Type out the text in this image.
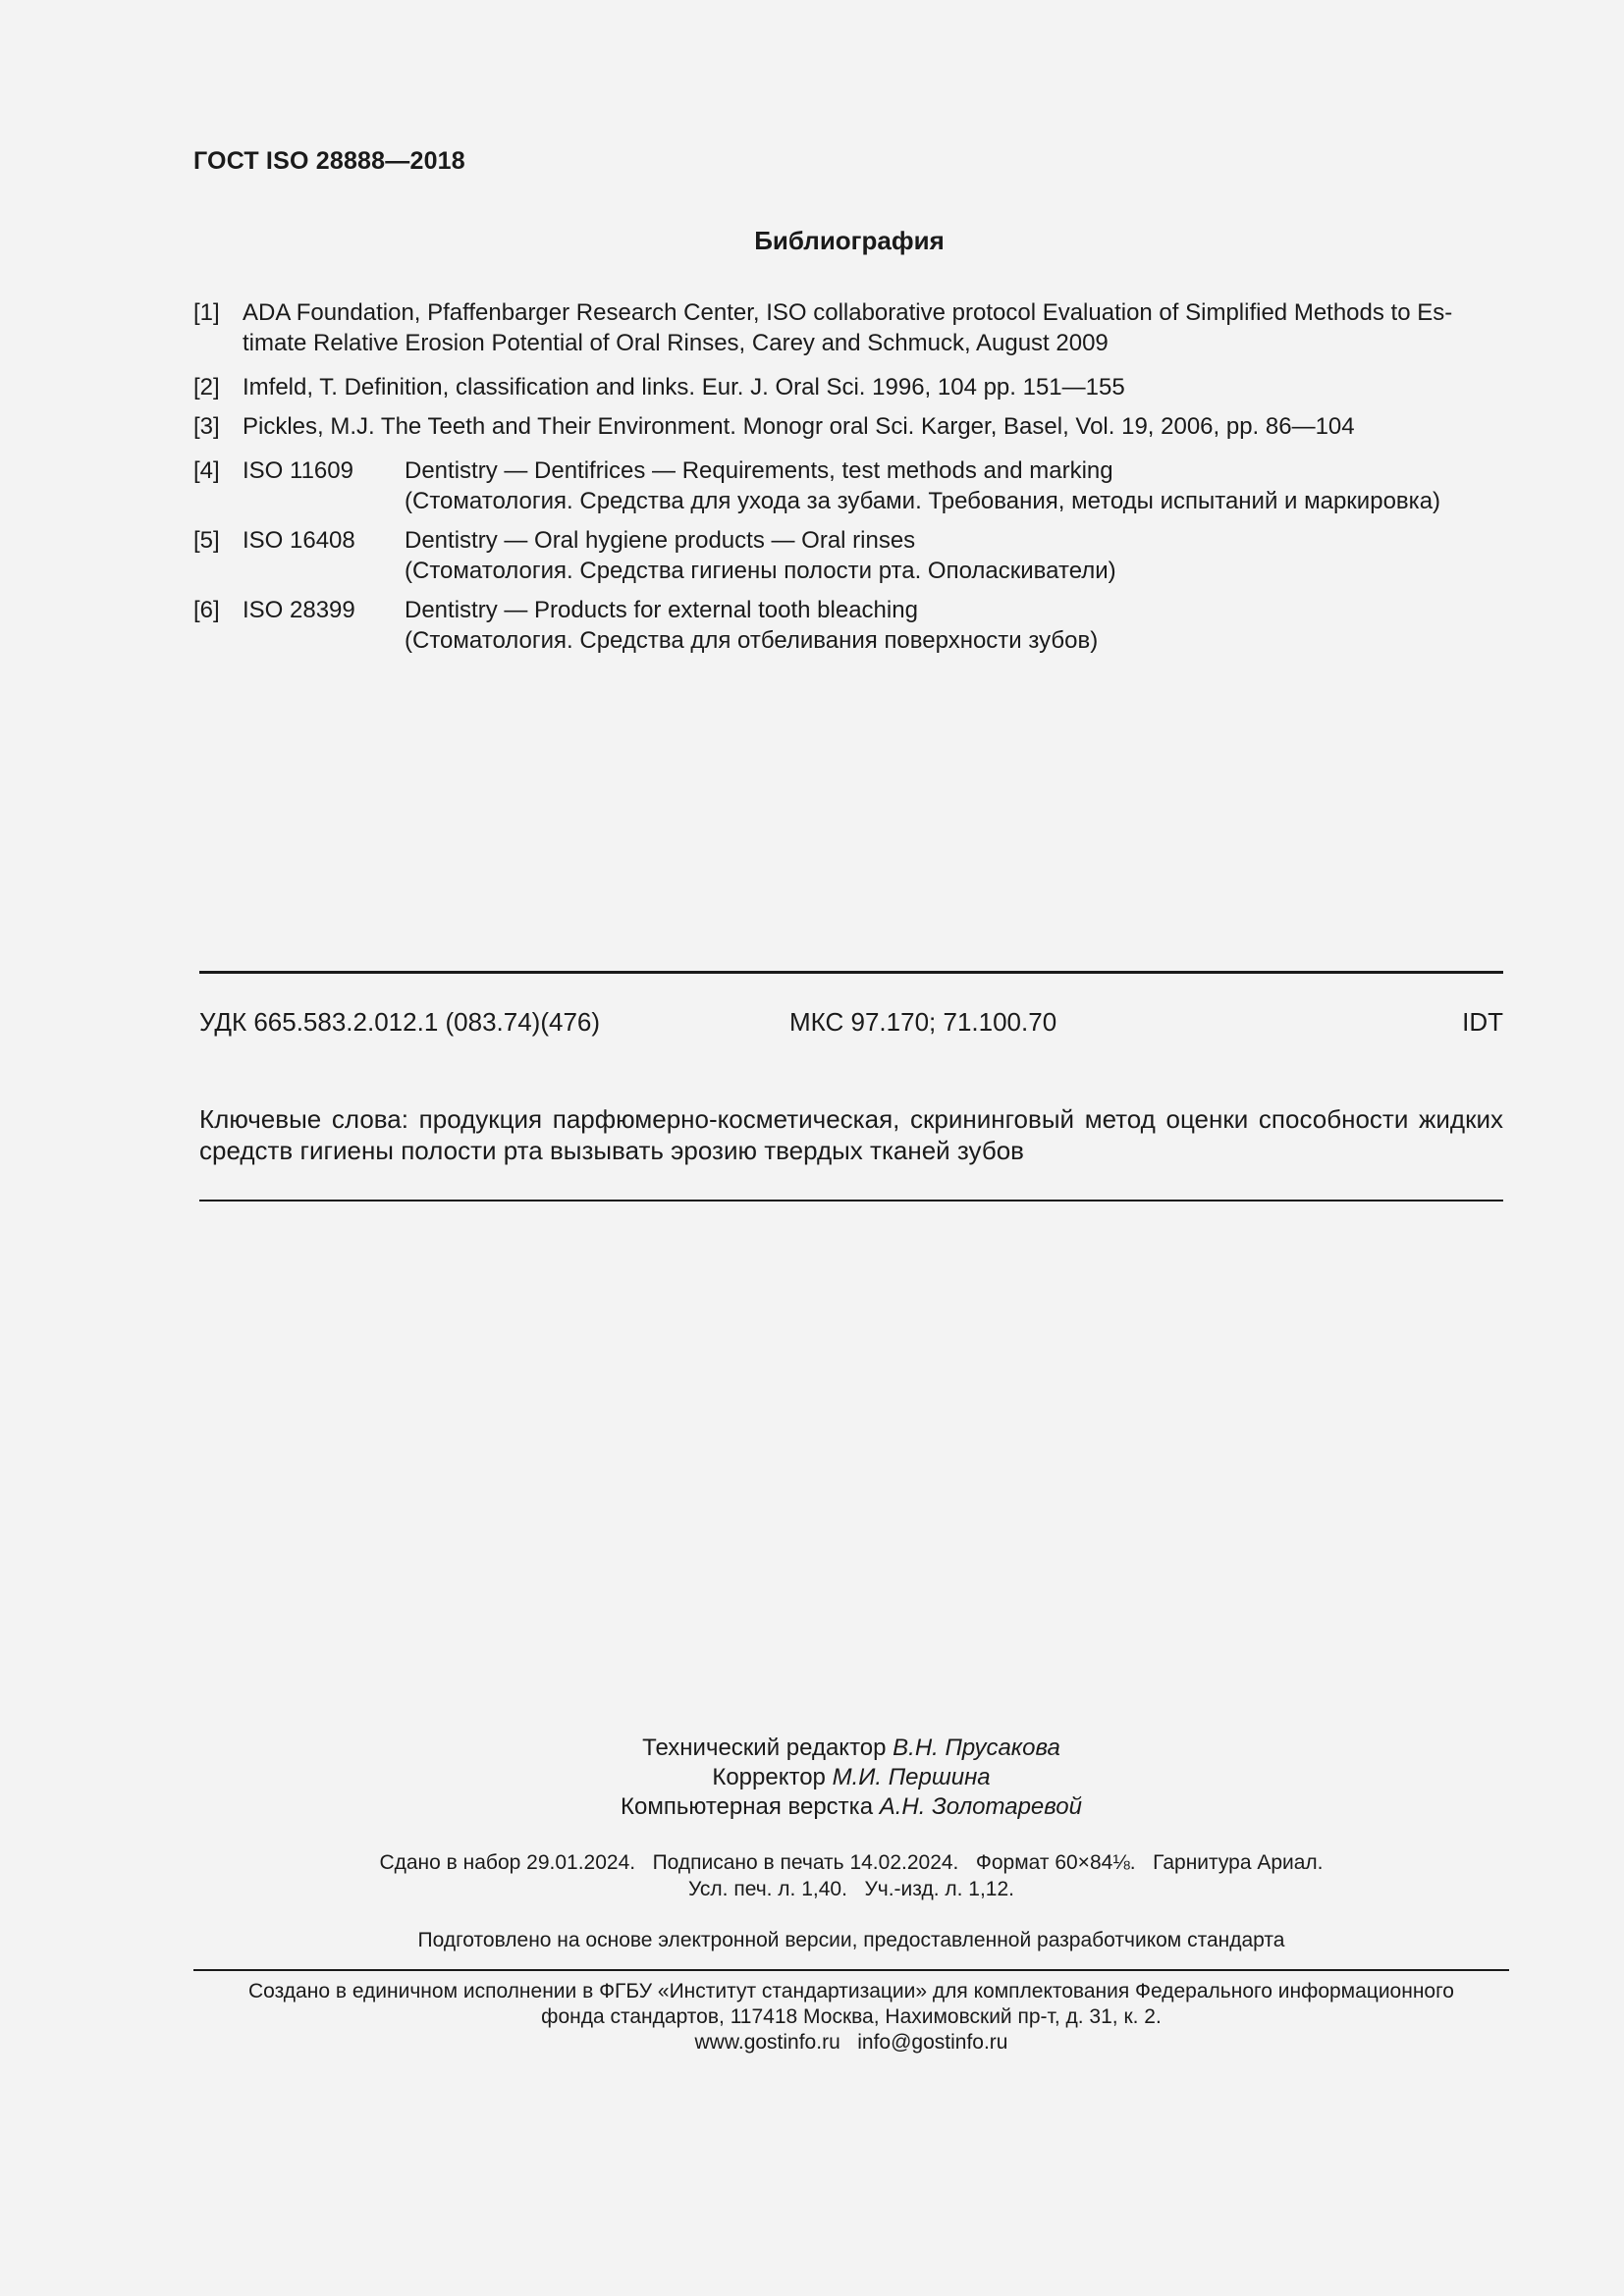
ГОСТ ISO 28888—2018
Библиография
[1] ADA Foundation, Pfaffenbarger Research Center, ISO collaborative protocol Evaluation of Simplified Methods to Es-timate Relative Erosion Potential of Oral Rinses, Carey and Schmuck, August 2009
[2] Imfeld, T. Definition, classification and links. Eur. J. Oral Sci. 1996, 104 pp. 151—155
[3] Pickles, M.J. The Teeth and Their Environment. Monogr oral Sci. Karger, Basel, Vol. 19, 2006, pp. 86—104
[4] ISO 11609 Dentistry — Dentifrices — Requirements, test methods and marking
(Стоматология. Средства для ухода за зубами. Требования, методы испытаний и маркировка)
[5] ISO 16408 Dentistry — Oral hygiene products — Oral rinses
(Стоматология. Средства гигиены полости рта. Ополаскиватели)
[6] ISO 28399 Dentistry — Products for external tooth bleaching
(Стоматология. Средства для отбеливания поверхности зубов)
УДК 665.583.2.012.1 (083.74)(476)	МКС 97.170; 71.100.70	IDT
Ключевые слова: продукция парфюмерно-косметическая, скрининговый метод оценки способности жидких средств гигиены полости рта вызывать эрозию твердых тканей зубов
Технический редактор В.Н. Прусакова
Корректор М.И. Першина
Компьютерная верстка А.Н. Золотаревой
Сдано в набор 29.01.2024.   Подписано в печать 14.02.2024.   Формат 60×84⅛.   Гарнитура Ариал.
Усл. печ. л. 1,40.   Уч.-изд. л. 1,12.
Подготовлено на основе электронной версии, предоставленной разработчиком стандарта
Создано в единичном исполнении в ФГБУ «Институт стандартизации» для комплектования Федерального информационного
фонда стандартов, 117418 Москва, Нахимовский пр-т, д. 31, к. 2.
www.gostinfo.ru   info@gostinfo.ru
